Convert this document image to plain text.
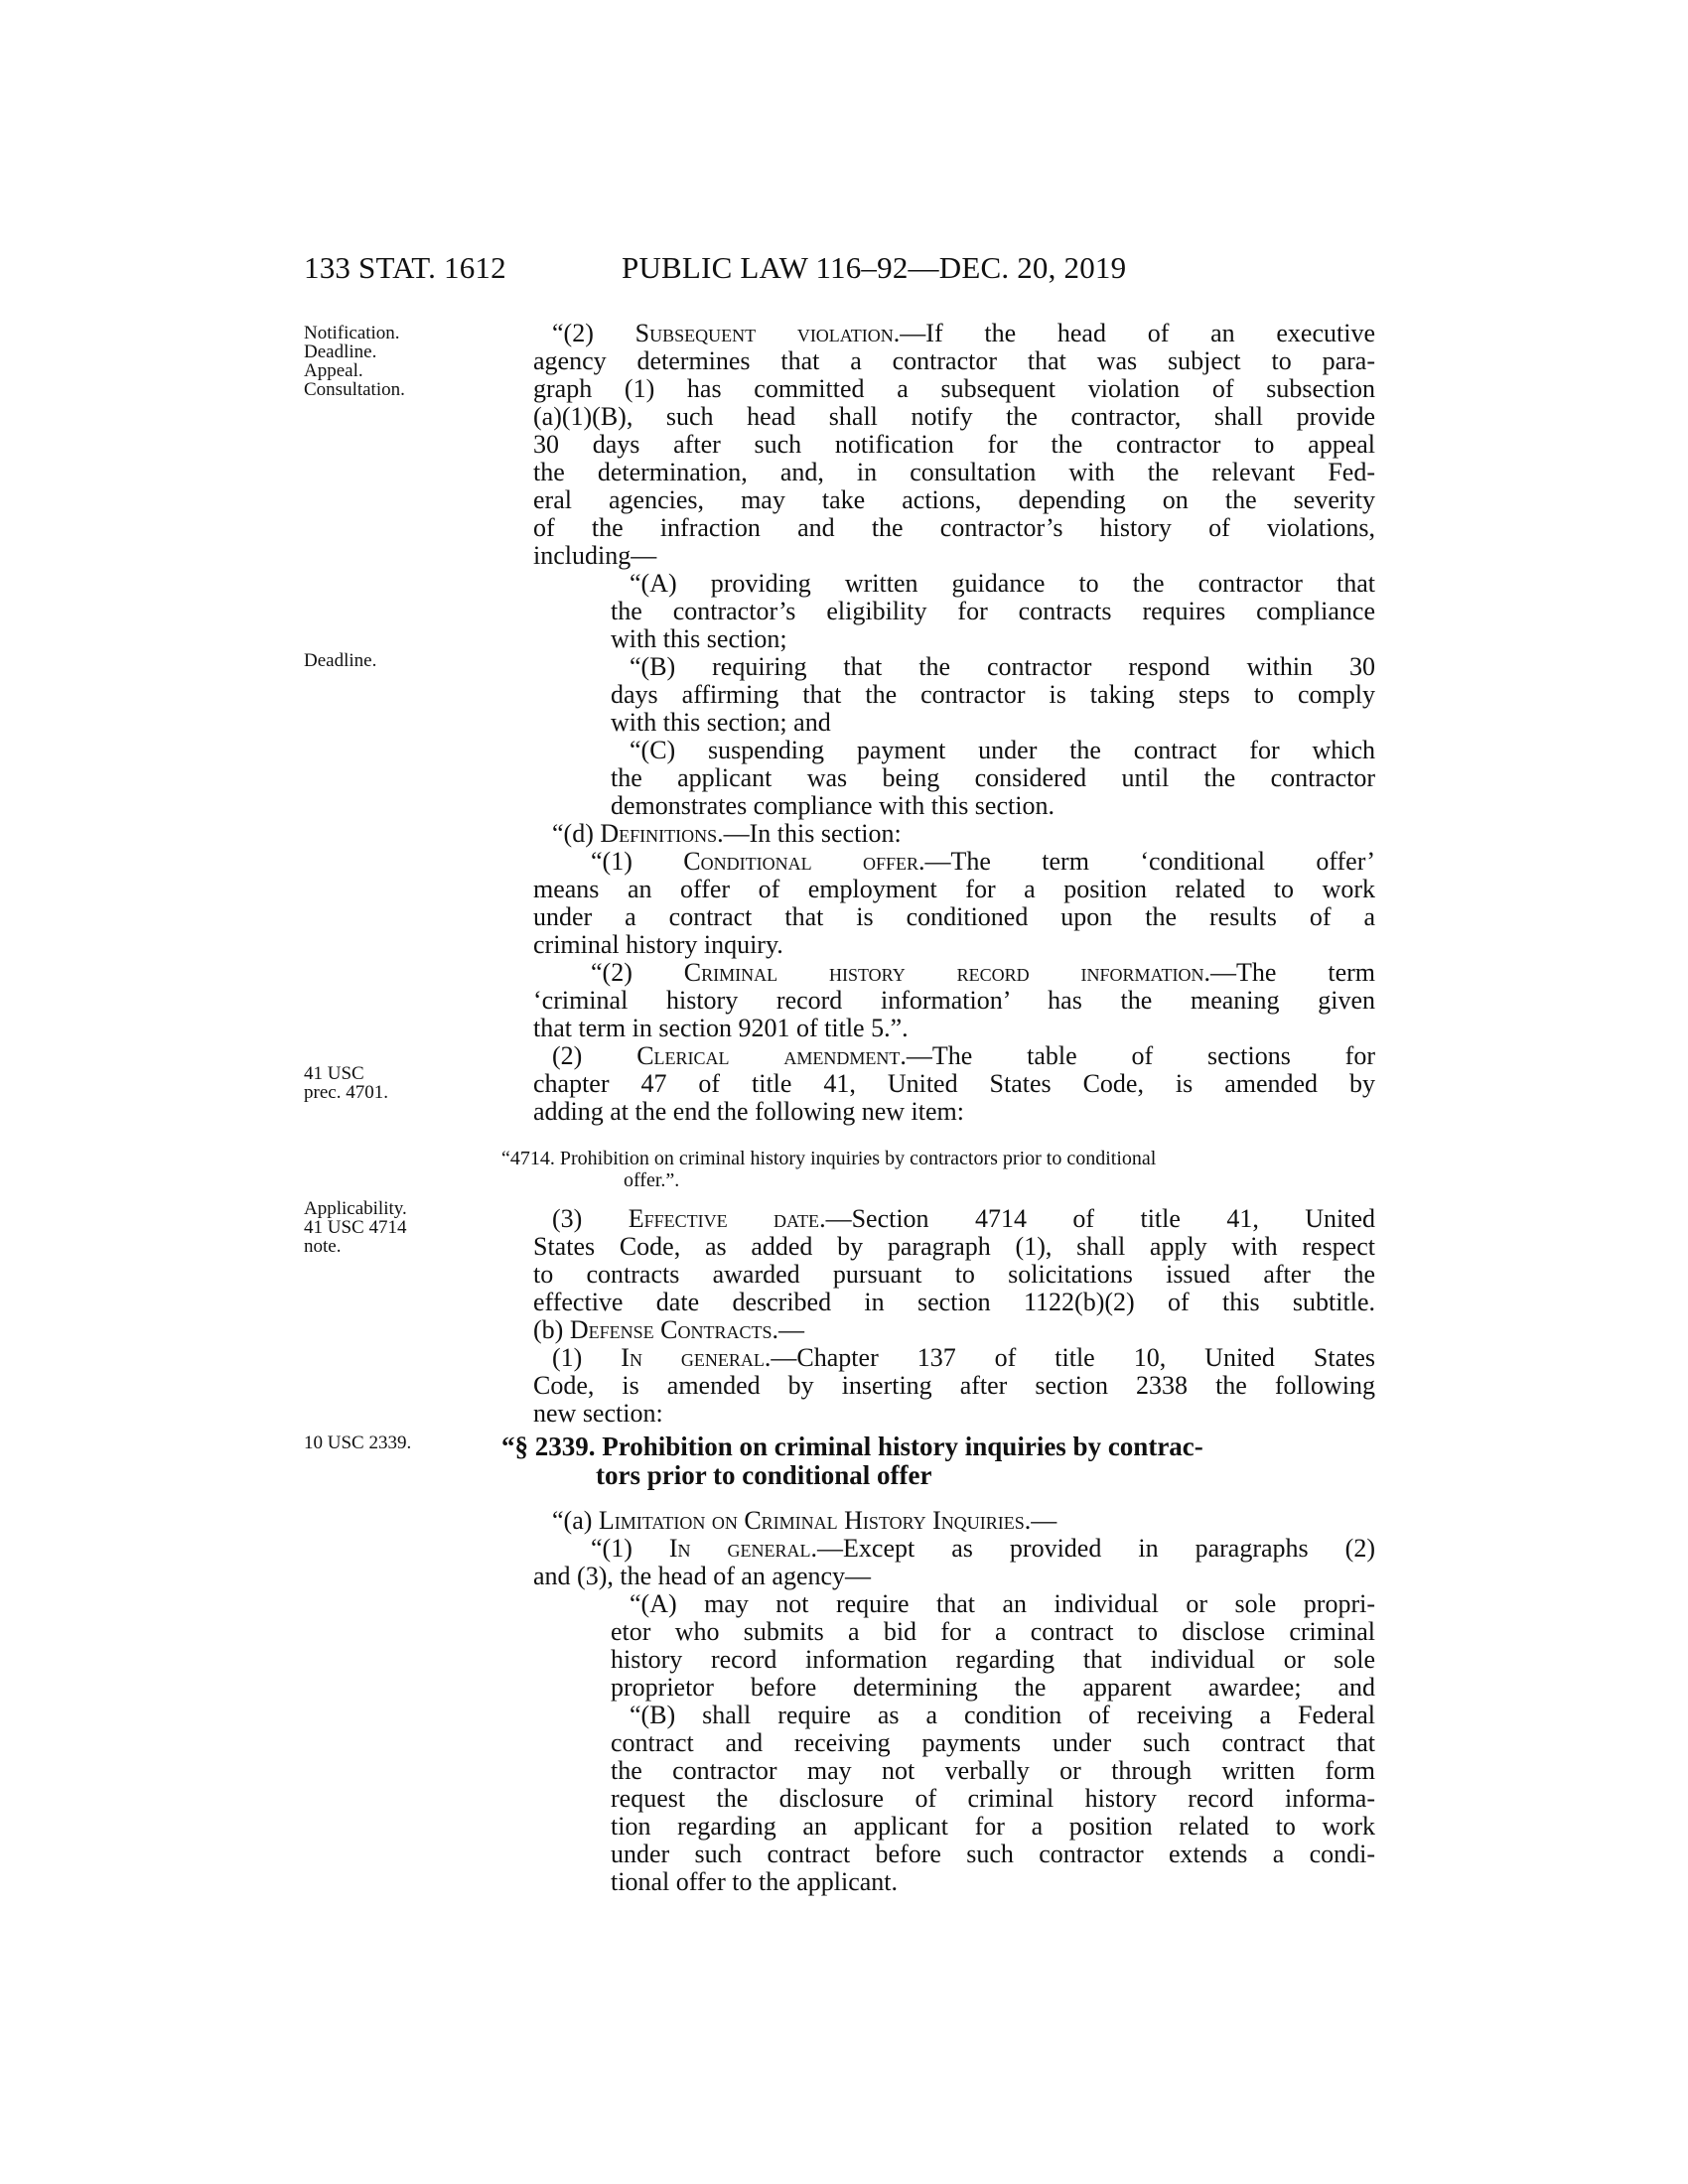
133 STAT. 1612	PUBLIC LAW 116–92—DEC. 20, 2019
Notification.
Deadline.
Appeal.
Consultation.
Deadline.
41 USC
prec. 4701.
Applicability.
41 USC 4714
note.
10 USC 2339.
“(2) Subsequent violation.—If the head of an executive
agency determines that a contractor that was subject to para-
graph (1) has committed a subsequent violation of subsection
(a)(1)(B), such head shall notify the contractor, shall provide
30 days after such notification for the contractor to appeal
the determination, and, in consultation with the relevant Fed-
eral agencies, may take actions, depending on the severity
of the infraction and the contractor’s history of violations,
including—
“(A) providing written guidance to the contractor that
the contractor’s eligibility for contracts requires compliance
with this section;
“(B) requiring that the contractor respond within 30
days affirming that the contractor is taking steps to comply
with this section; and
“(C) suspending payment under the contract for which
the applicant was being considered until the contractor
demonstrates compliance with this section.
“(d) Definitions.—In this section:
“(1) Conditional offer.—The term ‘conditional offer’
means an offer of employment for a position related to work
under a contract that is conditioned upon the results of a
criminal history inquiry.
“(2) Criminal history record information.—The term
‘criminal history record information’ has the meaning given
that term in section 9201 of title 5.”.
(2) Clerical amendment.—The table of sections for
chapter 47 of title 41, United States Code, is amended by
adding at the end the following new item:
“4714. Prohibition on criminal history inquiries by contractors prior to conditional
offer.”.
(3) Effective date.—Section 4714 of title 41, United
States Code, as added by paragraph (1), shall apply with respect
to contracts awarded pursuant to solicitations issued after the
effective date described in section 1122(b)(2) of this subtitle.
(b) Defense Contracts.—
(1) In general.—Chapter 137 of title 10, United States
Code, is amended by inserting after section 2338 the following
new section:
“§ 2339. Prohibition on criminal history inquiries by contrac-
tors prior to conditional offer
“(a) Limitation on Criminal History Inquiries.—
“(1) In general.—Except as provided in paragraphs (2)
and (3), the head of an agency—
“(A) may not require that an individual or sole propri-
etor who submits a bid for a contract to disclose criminal
history record information regarding that individual or sole
proprietor before determining the apparent awardee; and
“(B) shall require as a condition of receiving a Federal
contract and receiving payments under such contract that
the contractor may not verbally or through written form
request the disclosure of criminal history record informa-
tion regarding an applicant for a position related to work
under such contract before such contractor extends a condi-
tional offer to the applicant.
